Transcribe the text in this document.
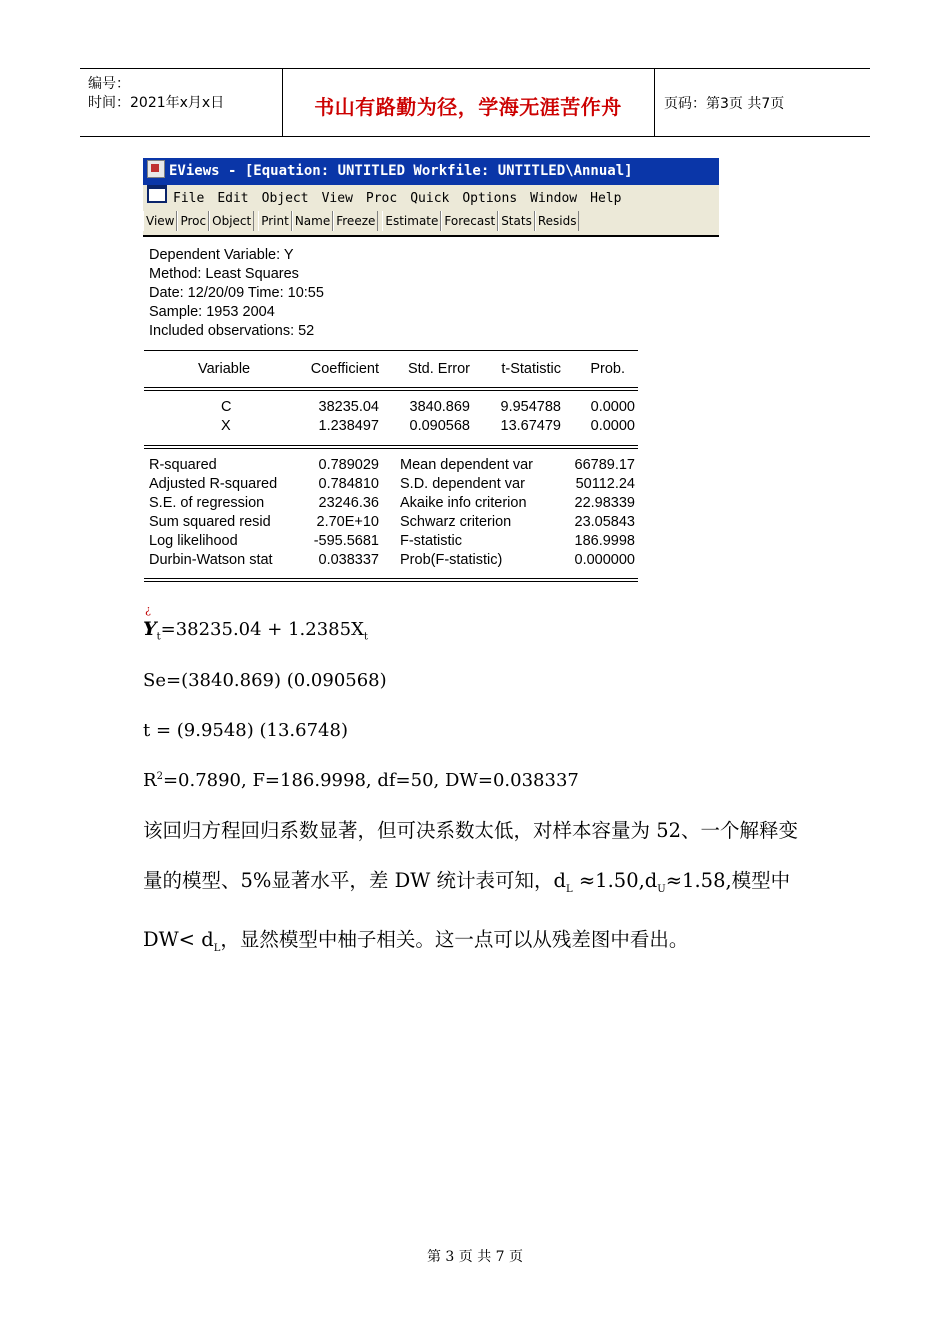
编号：
时间：2021年x月x日	书山有路勤为径，学海无涯苦作舟	页码：第3页 共7页
EViews - [Equation: UNTITLED Workfile: UNTITLED\Annual]
File Edit Object View Proc Quick Options Window Help
View Proc Object Print Name Freeze Estimate Forecast Stats Resids
Dependent Variable: Y
Method: Least Squares
Date: 12/20/09 Time: 10:55
Sample: 1953 2004
Included observations: 52
Variable	Coefficient	Std. Error	t-Statistic	Prob.
C	38235.04	3840.869	9.954788	0.0000
X	1.238497	0.090568	13.67479	0.0000
R-squared	0.789029 Mean dependent var	66789.17
Adjusted R-squared	0.784810 S.D. dependent var	50112.24
S.E. of regression	23246.36 Akaike info criterion	22.98339
Sum squared resid	2.70E+10 Schwarz criterion	23.05843
Log likelihood	-595.5681 F-statistic	186.9998
Durbin-Watson stat	0.038337 Prob(F-statistic)	0.000000
¿
$Y_t=38235.04 + 1.2385X_t$
Se=(3840.869) (0.090568)
t = (9.9548) (13.6748)
$R^2=0.7890$, F=186.9998, df=50, DW=0.038337
该回归方程回归系数显著，但可决系数太低，对样本容量为 52、一个解释变量的模型、5%显著水平，差 DW 统计表可知，$d_L \approx 1.50,d_U\approx 1.58$,模型中 $DW< d_L$，显然模型中柚子相关。这一点可以从残差图中看出。
第 3 页 共 7 页
